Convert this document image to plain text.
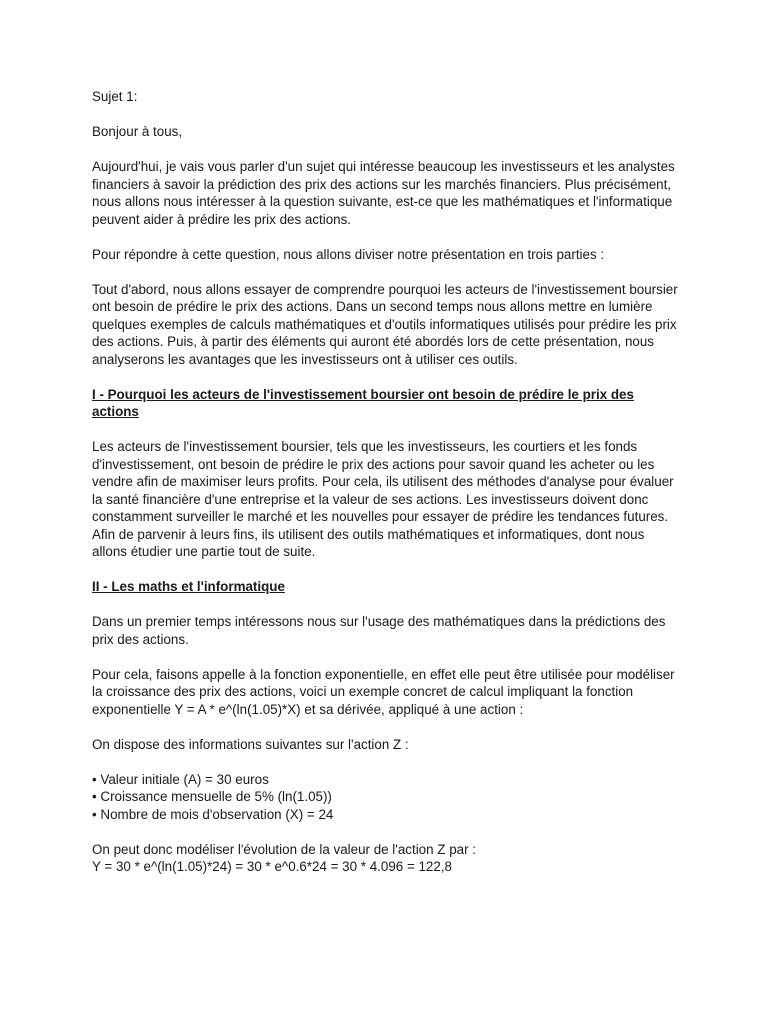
Sujet 1:

Bonjour à tous,

Aujourd'hui, je vais vous parler d'un sujet qui intéresse beaucoup les investisseurs et les analystes financiers à savoir la prédiction des prix des actions sur les marchés financiers. Plus précisément, nous allons nous intéresser à la question suivante, est-ce que les mathématiques et l'informatique peuvent aider à prédire les prix des actions.

Pour répondre à cette question, nous allons diviser notre présentation en trois parties :

Tout d'abord, nous allons essayer de comprendre pourquoi les acteurs de l'investissement boursier ont besoin de prédire le prix des actions. Dans un second temps nous allons mettre en lumière quelques exemples de calculs mathématiques et d'outils informatiques utilisés pour prédire les prix des actions. Puis, à partir des éléments qui auront été abordés lors de cette présentation, nous analyserons les avantages que les investisseurs ont à utiliser ces outils.

I - Pourquoi les acteurs de l'investissement boursier ont besoin de prédire le prix des actions

Les acteurs de l'investissement boursier, tels que les investisseurs, les courtiers et les fonds d'investissement, ont besoin de prédire le prix des actions pour savoir quand les acheter ou les vendre afin de maximiser leurs profits. Pour cela, ils utilisent des méthodes d'analyse pour évaluer la santé financière d'une entreprise et la valeur de ses actions. Les investisseurs doivent donc constamment surveiller le marché et les nouvelles pour essayer de prédire les tendances futures. Afin de parvenir à leurs fins, ils utilisent des outils mathématiques et informatiques, dont nous allons étudier une partie tout de suite.

II - Les maths et l'informatique

Dans un premier temps intéressons nous sur l'usage des mathématiques dans la prédictions des prix des actions.

Pour cela, faisons appelle à la fonction exponentielle, en effet elle peut être utilisée pour modéliser la croissance des prix des actions, voici un exemple concret de calcul impliquant la fonction exponentielle Y = A * e^(ln(1.05)*X) et sa dérivée, appliqué à une action :

On dispose des informations suivantes sur l'action Z :

• Valeur initiale (A) = 30 euros
• Croissance mensuelle de 5% (ln(1.05))
• Nombre de mois d'observation (X) = 24

On peut donc modéliser l'évolution de la valeur de l'action Z par :

Y = 30 * e^(ln(1.05)*24) = 30 * e^0.6*24 = 30 * 4.096 = 122,8
